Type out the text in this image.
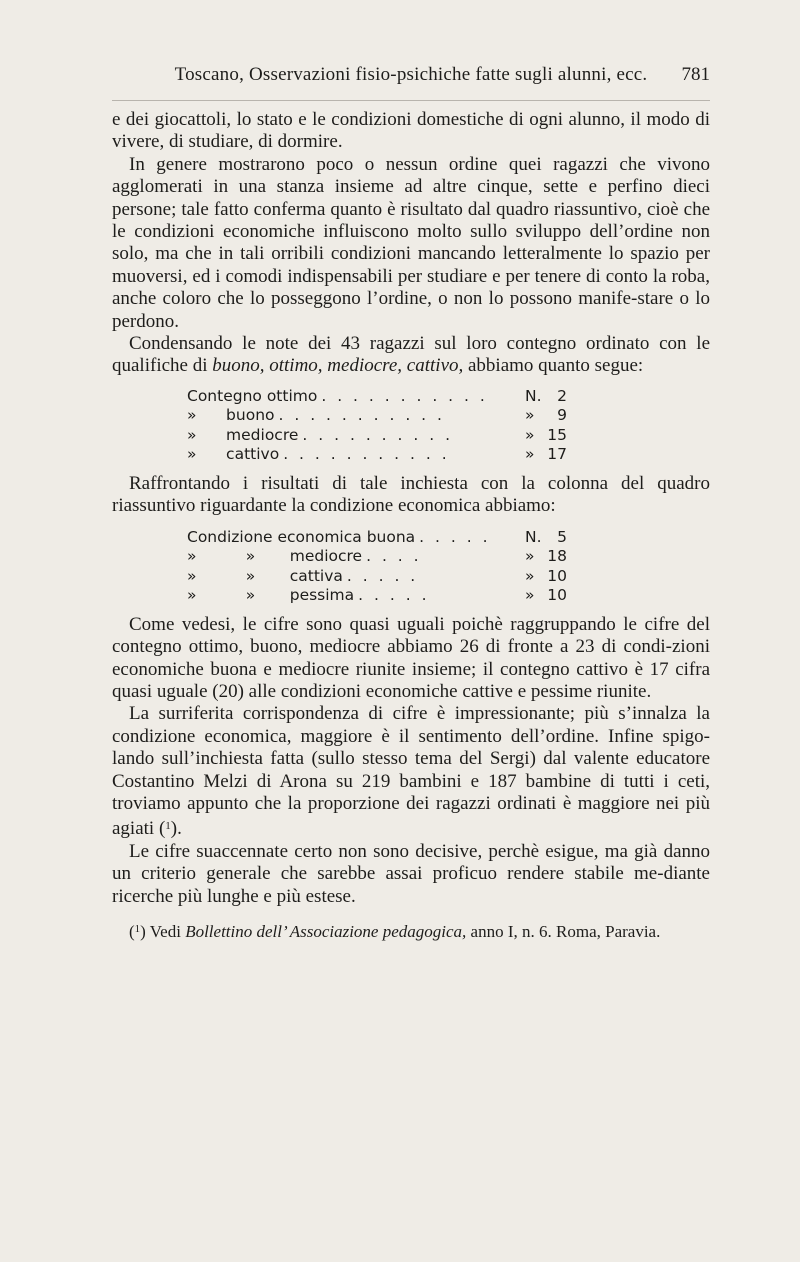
Toscano, Osservazioni fisio-psichiche fatte sugli alunni, ecc.	781

e dei giocattoli, lo stato e le condizioni domestiche di ogni alunno, il modo di vivere, di studiare, di dormire.

In genere mostrarono poco o nessun ordine quei ragazzi che vivono agglomerati in una stanza insieme ad altre cinque, sette e perfino dieci persone; tale fatto conferma quanto è risultato dal quadro riassuntivo, cioè che le condizioni economiche influiscono molto sullo sviluppo dell’ordine non solo, ma che in tali orribili condizioni mancando letteralmente lo spazio per muoversi, ed i comodi indispensabili per studiare e per tenere di conto la roba, anche coloro che lo posseggono l’ordine, o non lo possono manife-stare o lo perdono.

Condensando le note dei 43 ragazzi sul loro contegno ordinato con le qualifiche di buono, ottimo, mediocre, cattivo, abbiamo quanto segue:

Contegno ottimo . . . . . . . . . . .	N.	2
»      buono . . . . . . . . . . .	»	9
»      mediocre . . . . . . . . . .	» 15
»      cattivo . . . . . . . . . . .	» 17

Raffrontando i risultati di tale inchiesta con la colonna del quadro riassuntivo riguardante la condizione economica abbiamo:

Condizione economica buona . . . . .	N.	5
»          »       mediocre . . . .	» 18
»          »       cattiva . . . . .	» 10
»          »       pessima . . . . .	» 10

Come vedesi, le cifre sono quasi uguali poichè raggruppando le cifre del contegno ottimo, buono, mediocre abbiamo 26 di fronte a 23 di condi-zioni economiche buona e mediocre riunite insieme; il contegno cattivo è 17 cifra quasi uguale (20) alle condizioni economiche cattive e pessime riunite.

La surriferita corrispondenza di cifre è impressionante; più s’innalza la condizione economica, maggiore è il sentimento dell’ordine. Infine spigo-lando sull’inchiesta fatta (sullo stesso tema del Sergi) dal valente educatore Costantino Melzi di Arona su 219 bambini e 187 bambine di tutti i ceti, troviamo appunto che la proporzione dei ragazzi ordinati è maggiore nei più agiati ($^1$).

Le cifre suaccennate certo non sono decisive, perchè esigue, ma già danno un criterio generale che sarebbe assai proficuo rendere stabile me-diante ricerche più lunghe e più estese.

($^1$) Vedi Bollettino dell’ Associazione pedagogica, anno I, n. 6. Roma, Paravia.
